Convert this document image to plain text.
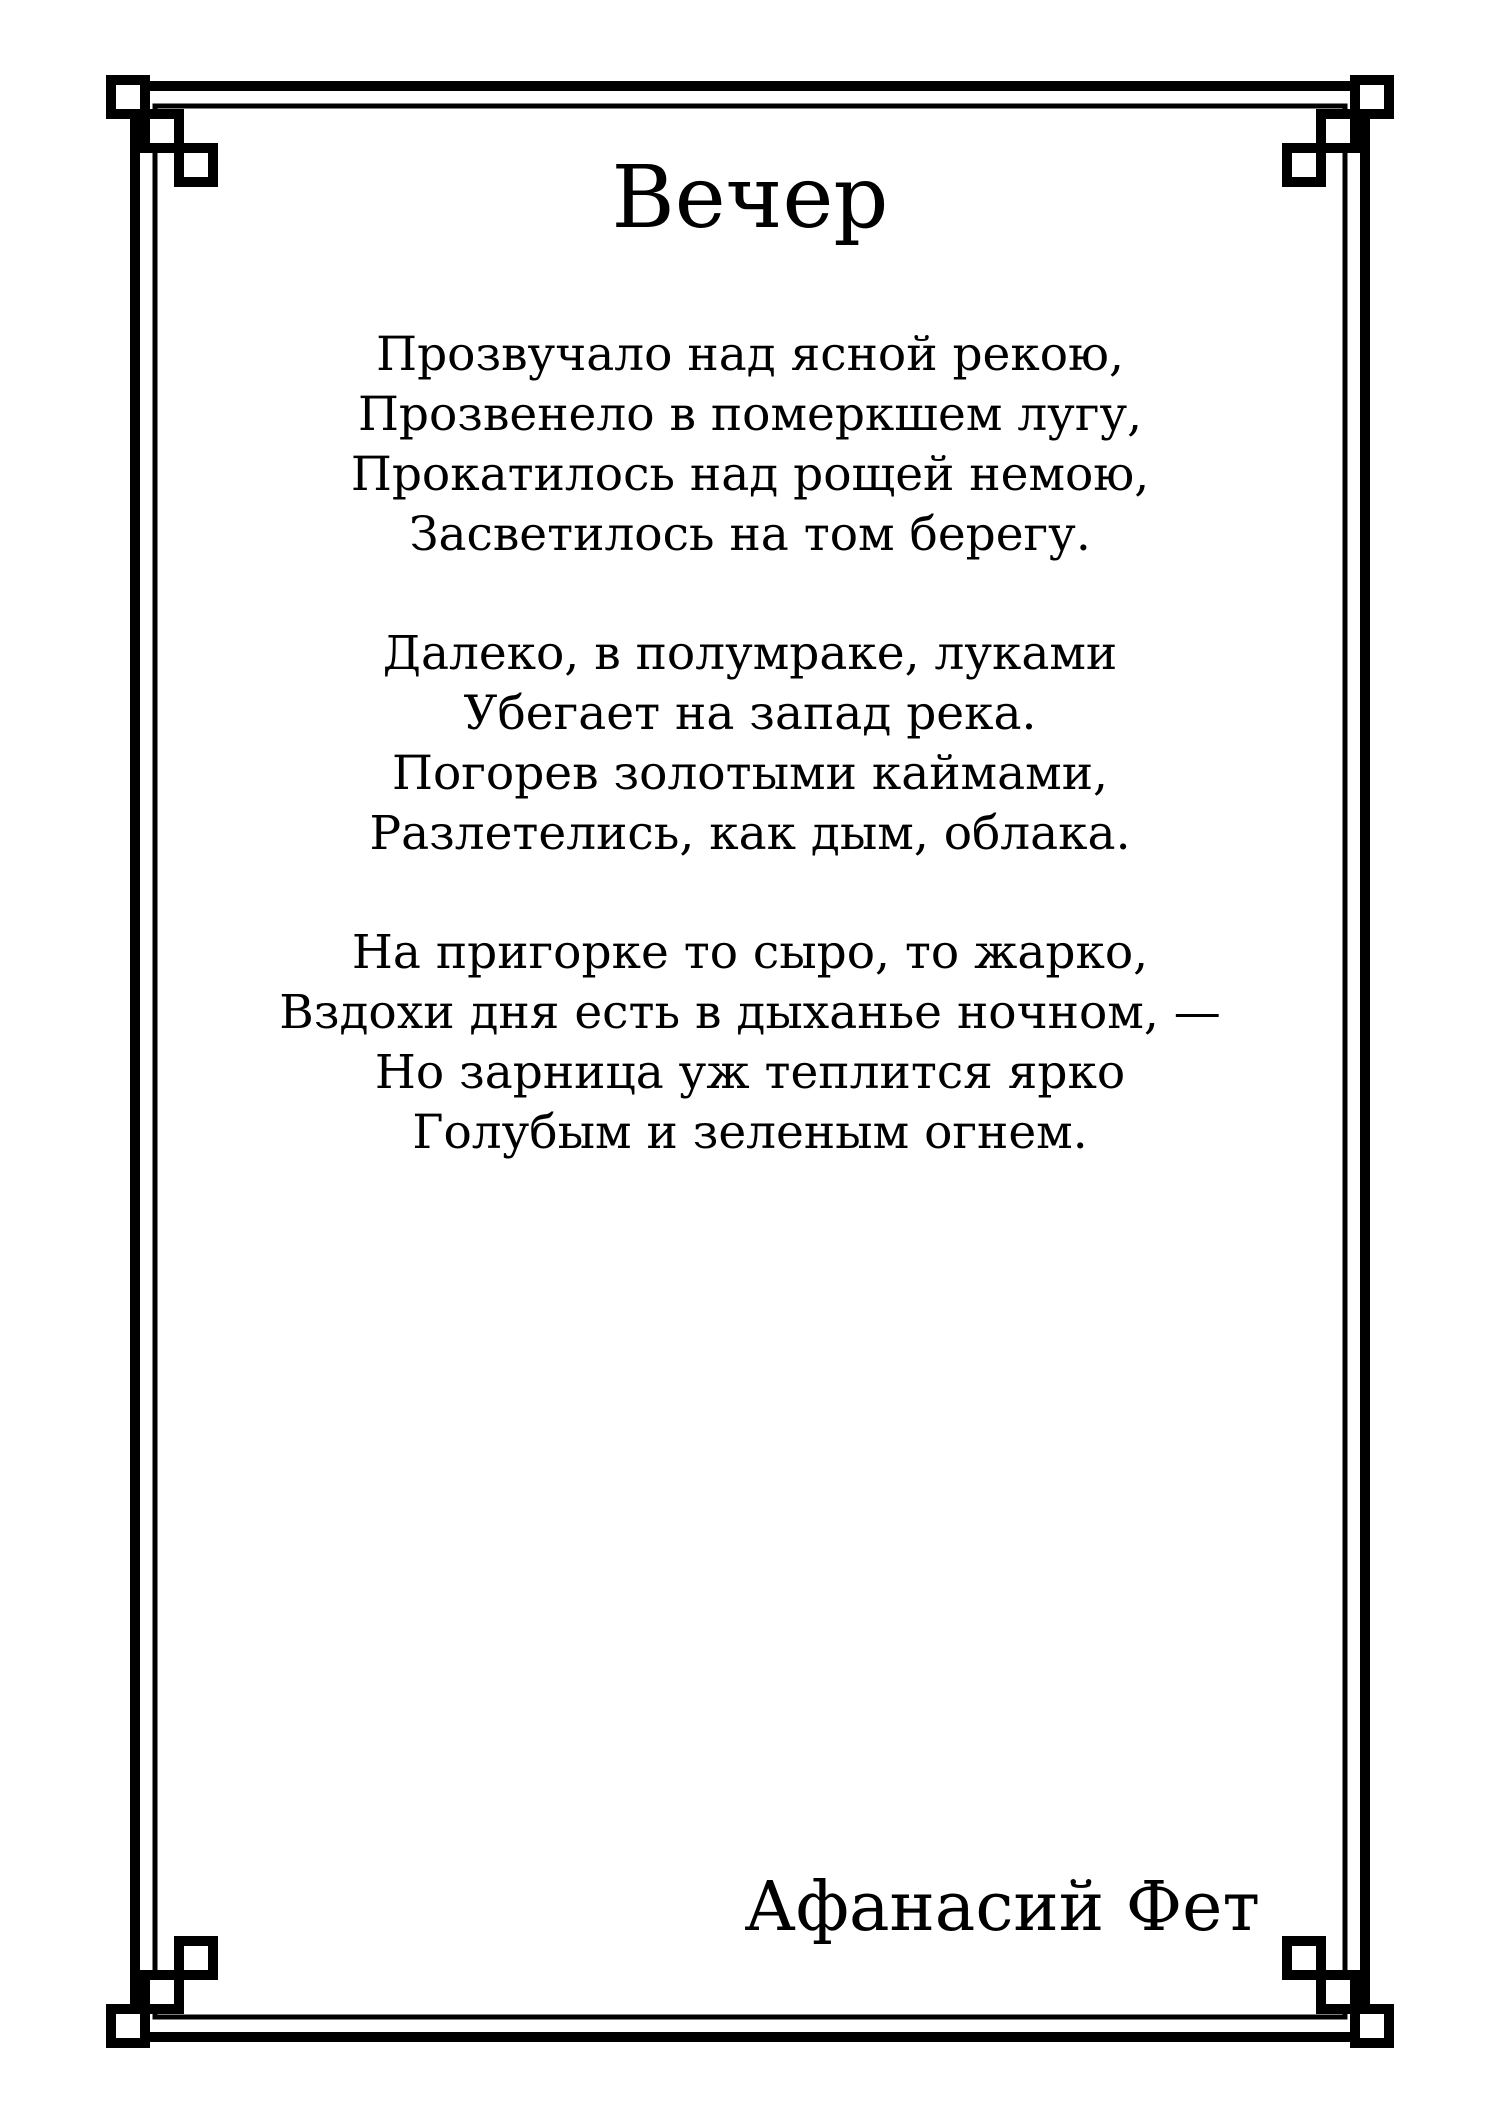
Вечер
Прозвучало над ясной рекою,
Прозвенело в померкшем лугу,
Прокатилось над рощей немою,
Засветилось на том берегу.
Далеко, в полумраке, луками
Убегает на запад река.
Погорев золотыми каймами,
Разлетелись, как дым, облака.
На пригорке то сыро, то жарко,
Вздохи дня есть в дыханье ночном, —
Но зарница уж теплится ярко
Голубым и зеленым огнем.
Афанасий Фет
